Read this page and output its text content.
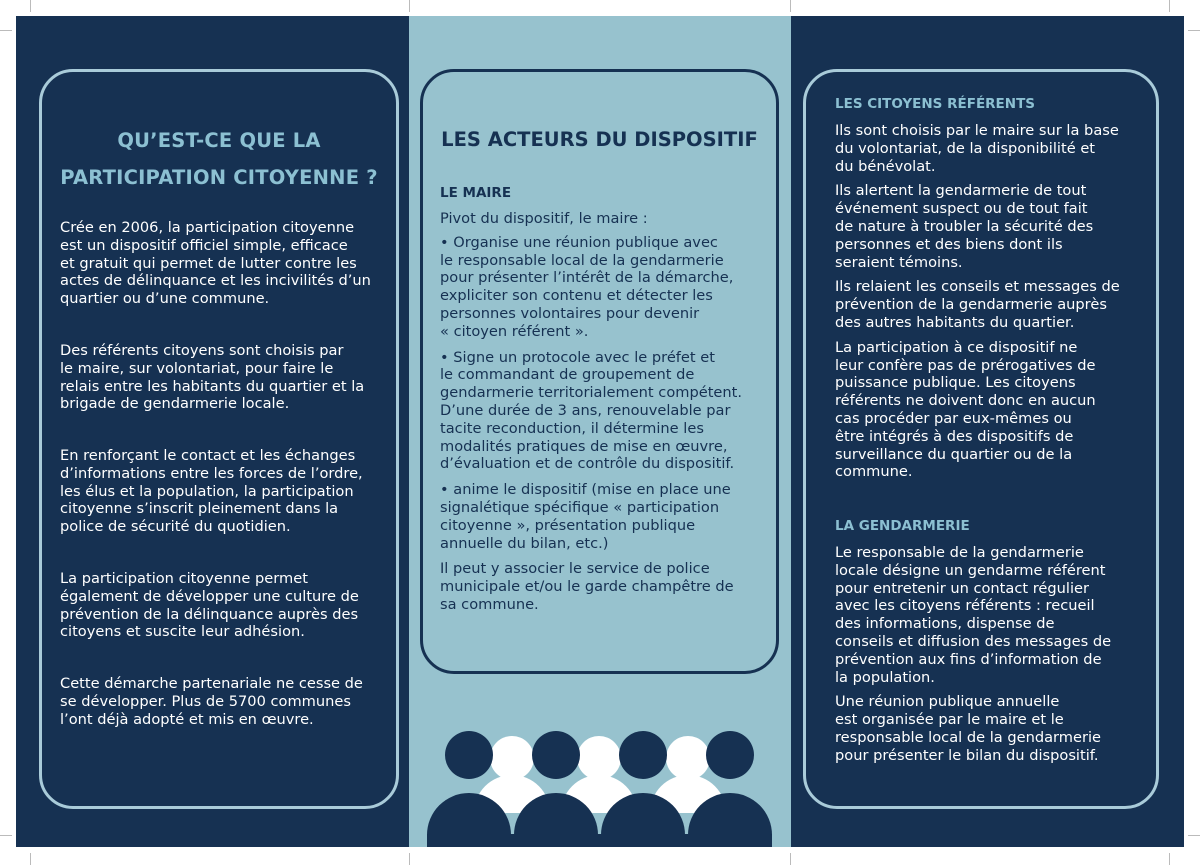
QU’EST-CE QUE LA
PARTICIPATION CITOYENNE ?

Crée en 2006, la participation citoyenne
est un dispositif officiel simple, efficace
et gratuit qui permet de lutter contre les
actes de délinquance et les incivilités d’un
quartier ou d’une commune.

Des référents citoyens sont choisis par
le maire, sur volontariat, pour faire le
relais entre les habitants du quartier et la
brigade de gendarmerie locale.

En renforçant le contact et les échanges
d’informations entre les forces de l’ordre,
les élus et la population, la participation
citoyenne s’inscrit pleinement dans la
police de sécurité du quotidien.

La participation citoyenne permet
également de développer une culture de
prévention de la délinquance auprès des
citoyens et suscite leur adhésion.

Cette démarche partenariale ne cesse de
se développer. Plus de 5700 communes
l’ont déjà adopté et mis en œuvre.

LES ACTEURS DU DISPOSITIF

LE MAIRE

Pivot du dispositif, le maire :

• Organise une réunion publique avec
le responsable local de la gendarmerie
pour présenter l’intérêt de la démarche,
expliciter son contenu et détecter les
personnes volontaires pour devenir
« citoyen référent ».

• Signe un protocole avec le préfet et
le commandant de groupement de
gendarmerie territorialement compétent.
D’une durée de 3 ans, renouvelable par
tacite reconduction, il détermine les
modalités pratiques de mise en œuvre,
d’évaluation et de contrôle du dispositif.

• anime le dispositif (mise en place une
signalétique spécifique « participation
citoyenne », présentation publique
annuelle du bilan, etc.)

Il peut y associer le service de police
municipale et/ou le garde champêtre de
sa commune.

LES CITOYENS RÉFÉRENTS

Ils sont choisis par le maire sur la base
du volontariat, de la disponibilité et
du bénévolat.

Ils alertent la gendarmerie de tout
événement suspect ou de tout fait
de nature à troubler la sécurité des
personnes et des biens dont ils
seraient témoins.

Ils relaient les conseils et messages de
prévention de la gendarmerie auprès
des autres habitants du quartier.

La participation à ce dispositif ne
leur confère pas de prérogatives de
puissance publique. Les citoyens
référents ne doivent donc en aucun
cas procéder par eux-mêmes ou
être intégrés à des dispositifs de
surveillance du quartier ou de la
commune.

LA GENDARMERIE

Le responsable de la gendarmerie
locale désigne un gendarme référent
pour entretenir un contact régulier
avec les citoyens référents : recueil
des informations, dispense de
conseils et diffusion des messages de
prévention aux fins d’information de
la population.

Une réunion publique annuelle
est organisée par le maire et le
responsable local de la gendarmerie
pour présenter le bilan du dispositif.
